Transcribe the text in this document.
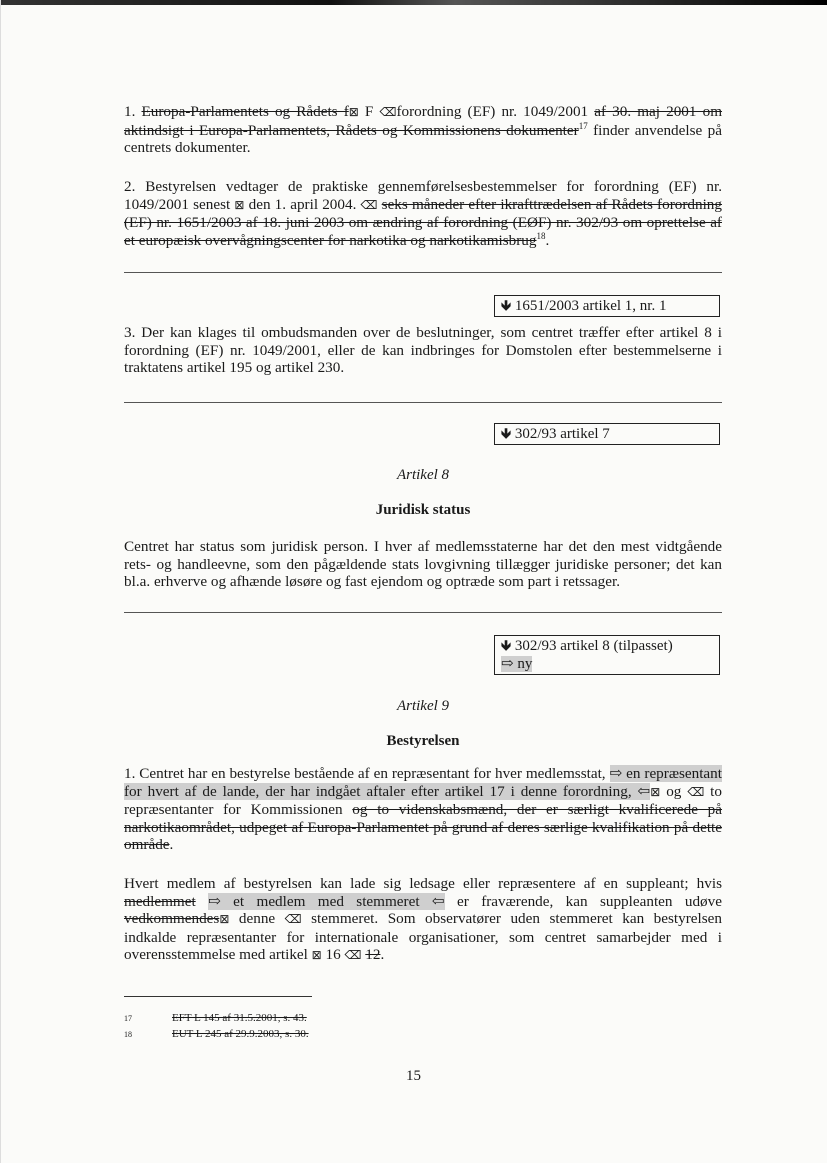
1. Europa-Parlamentets og Rådets f⊠ F ⌫forordning (EF) nr. 1049/2001 af 30. maj 2001 om aktindsigt i Europa-Parlamentets, Rådets og Kommissionens dokumenter$^{17}$ finder anvendelse på centrets dokumenter.

2. Bestyrelsen vedtager de praktiske gennemførelsesbestemmelser for forordning (EF) nr. 1049/2001 senest ⊠ den 1. april 2004. ⌫ seks måneder efter ikrafttrædelsen af Rådets forordning (EF) nr. 1651/2003 af 18. juni 2003 om ændring af forordning (EØF) nr. 302/93 om oprettelse af et europæisk overvågningscenter for narkotika og narkotikamisbrug$^{18}$.

🡻 1651/2003 artikel 1, nr. 1

3. Der kan klages til ombudsmanden over de beslutninger, som centret træffer efter artikel 8 i forordning (EF) nr. 1049/2001, eller de kan indbringes for Domstolen efter bestemmelserne i traktatens artikel 195 og artikel 230.

🡻 302/93 artikel 7
Artikel 8
Juridisk status

Centret har status som juridisk person. I hver af medlemsstaterne har det den mest vidtgående rets- og handleevne, som den pågældende stats lovgivning tillægger juridiske personer; det kan bl.a. erhverve og afhænde løsøre og fast ejendom og optræde som part i retssager.

🡻 302/93 artikel 8 (tilpasset)
⇨ ny
Artikel 9
Bestyrelsen

1. Centret har en bestyrelse bestående af en repræsentant for hver medlemsstat, ⇨ en repræsentant for hvert af de lande, der har indgået aftaler efter artikel 17 i denne forordning, ⇦⊠ og ⌫ to repræsentanter for Kommissionen og to videnskabsmænd, der er særligt kvalificerede på narkotikaområdet, udpeget af Europa-Parlamentet på grund af deres særlige kvalifikation på dette område.

Hvert medlem af bestyrelsen kan lade sig ledsage eller repræsentere af en suppleant; hvis medlemmet ⇨ et medlem med stemmeret ⇦ er fraværende, kan suppleanten udøve vedkommendes⊠ denne ⌫ stemmeret. Som observatører uden stemmeret kan bestyrelsen indkalde repræsentanter for internationale organisationer, som centret samarbejder med i overensstemmelse med artikel ⊠ 16 ⌫ 12.

17	EFT L 145 af 31.5.2001, s. 43.
18	EUT L 245 af 29.9.2003, s. 30.
15
